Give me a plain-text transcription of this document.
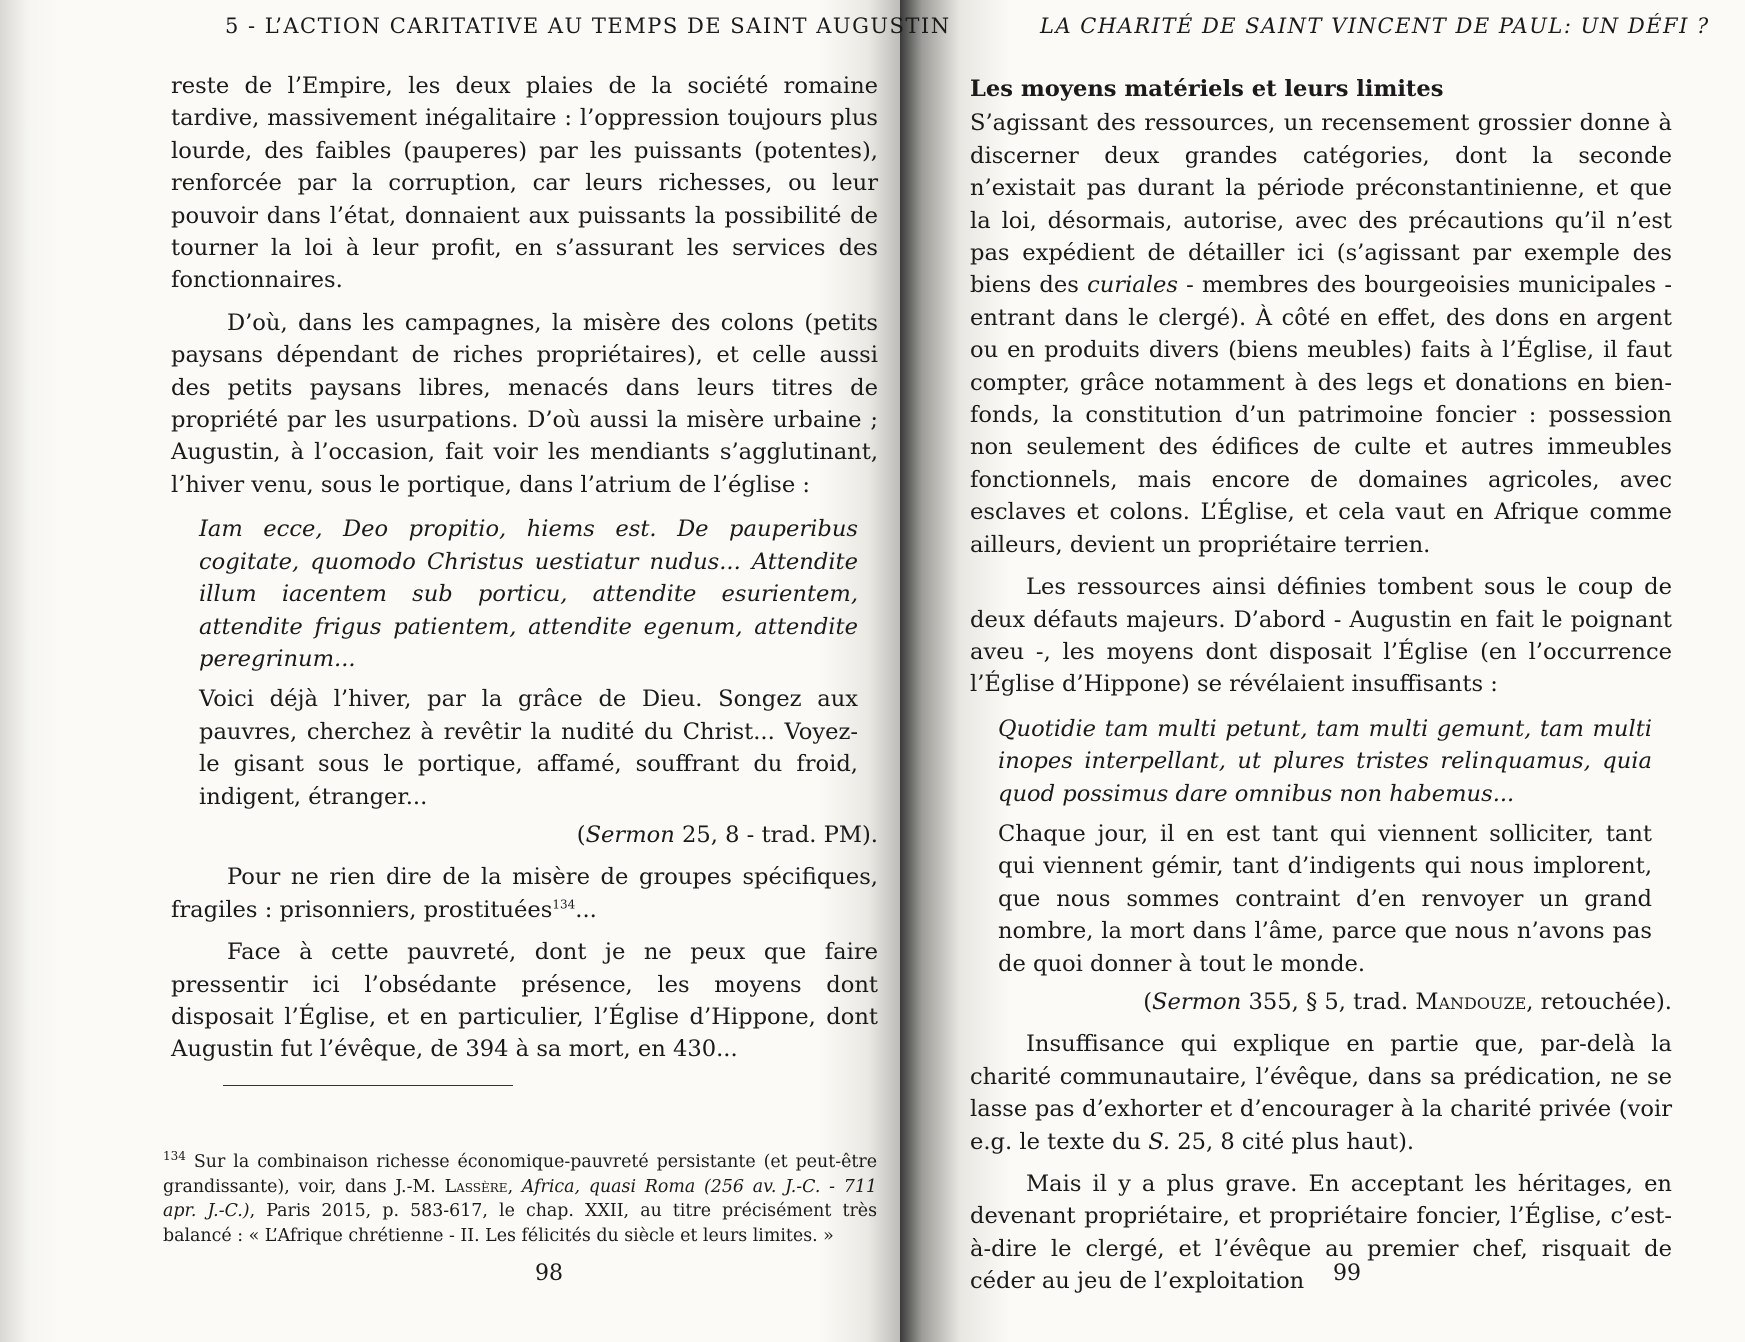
5 - L’ACTION CARITATIVE AU TEMPS DE SAINT AUGUSTIN

reste de l’Empire, les deux plaies de la société romaine tardive, massivement inégalitaire : l’oppression toujours plus lourde, des faibles (pauperes) par les puissants (potentes), renforcée par la corruption, car leurs richesses, ou leur pouvoir dans l’état, donnaient aux puissants la possibilité de tourner la loi à leur profit, en s’assurant les services des fonctionnaires.

D’où, dans les campagnes, la misère des colons (petits paysans dépendant de riches propriétaires), et celle aussi des petits paysans libres, menacés dans leurs titres de propriété par les usurpations. D’où aussi la misère urbaine ; Augustin, à l’occasion, fait voir les mendiants s’agglutinant, l’hiver venu, sous le portique, dans l’atrium de l’église :

Iam ecce, Deo propitio, hiems est. De pauperibus cogitate, quomodo Christus uestiatur nudus... Attendite illum iacentem sub porticu, attendite esurientem, attendite frigus patientem, attendite egenum, attendite peregrinum...

Voici déjà l’hiver, par la grâce de Dieu. Songez aux pauvres, cherchez à revêtir la nudité du Christ... Voyez-le gisant sous le portique, affamé, souffrant du froid, indigent, étranger...

(Sermon 25, 8 - trad. PM).

Pour ne rien dire de la misère de groupes spécifiques, fragiles : prisonniers, prostituées$^{134}$...

Face à cette pauvreté, dont je ne peux que faire pressentir ici l’obsédante présence, les moyens dont disposait l’Église, et en particulier, l’Église d’Hippone, dont Augustin fut l’évêque, de 394 à sa mort, en 430...

$^{134}$ Sur la combinaison richesse économique-pauvreté persistante (et peut-être grandissante), voir, dans J.-M. Lassère, Africa, quasi Roma (256 av. J.-C. - 711 apr. J.-C.), Paris 2015, p. 583-617, le chap. XXII, au titre précisément très balancé : « L’Afrique chrétienne - II. Les félicités du siècle et leurs limites. »
98
LA CHARITÉ DE SAINT VINCENT DE PAUL: UN DÉFI ?

Les moyens matériels et leurs limites

S’agissant des ressources, un recensement grossier donne à discerner deux grandes catégories, dont la seconde n’existait pas durant la période préconstantinienne, et que la loi, désormais, autorise, avec des précautions qu’il n’est pas expédient de détailler ici (s’agissant par exemple des biens des curiales - membres des bourgeoisies municipales -entrant dans le clergé). À côté en effet, des dons en argent ou en produits divers (biens meubles) faits à l’Église, il faut compter, grâce notamment à des legs et donations en bien-fonds, la constitution d’un patrimoine foncier : possession non seulement des édifices de culte et autres immeubles fonctionnels, mais encore de domaines agricoles, avec esclaves et colons. L’Église, et cela vaut en Afrique comme ailleurs, devient un propriétaire terrien.

Les ressources ainsi définies tombent sous le coup de deux défauts majeurs. D’abord - Augustin en fait le poignant aveu -, les moyens dont disposait l’Église (en l’occurrence l’Église d’Hippone) se révélaient insuffisants :

Quotidie tam multi petunt, tam multi gemunt, tam multi inopes interpellant, ut plures tristes relinquamus, quia quod possimus dare omnibus non habemus...

Chaque jour, il en est tant qui viennent solliciter, tant qui viennent gémir, tant d’indigents qui nous implorent, que nous sommes contraint d’en renvoyer un grand nombre, la mort dans l’âme, parce que nous n’avons pas de quoi donner à tout le monde.

(Sermon 355, § 5, trad. Mandouze, retouchée).

Insuffisance qui explique en partie que, par-delà la charité communautaire, l’évêque, dans sa prédication, ne se lasse pas d’exhorter et d’encourager à la charité privée (voir e.g. le texte du S. 25, 8 cité plus haut).

Mais il y a plus grave. En acceptant les héritages, en devenant propriétaire, et propriétaire foncier, l’Église, c’est-à-dire le clergé, et l’évêque au premier chef, risquait de céder au jeu de l’exploitation	99
